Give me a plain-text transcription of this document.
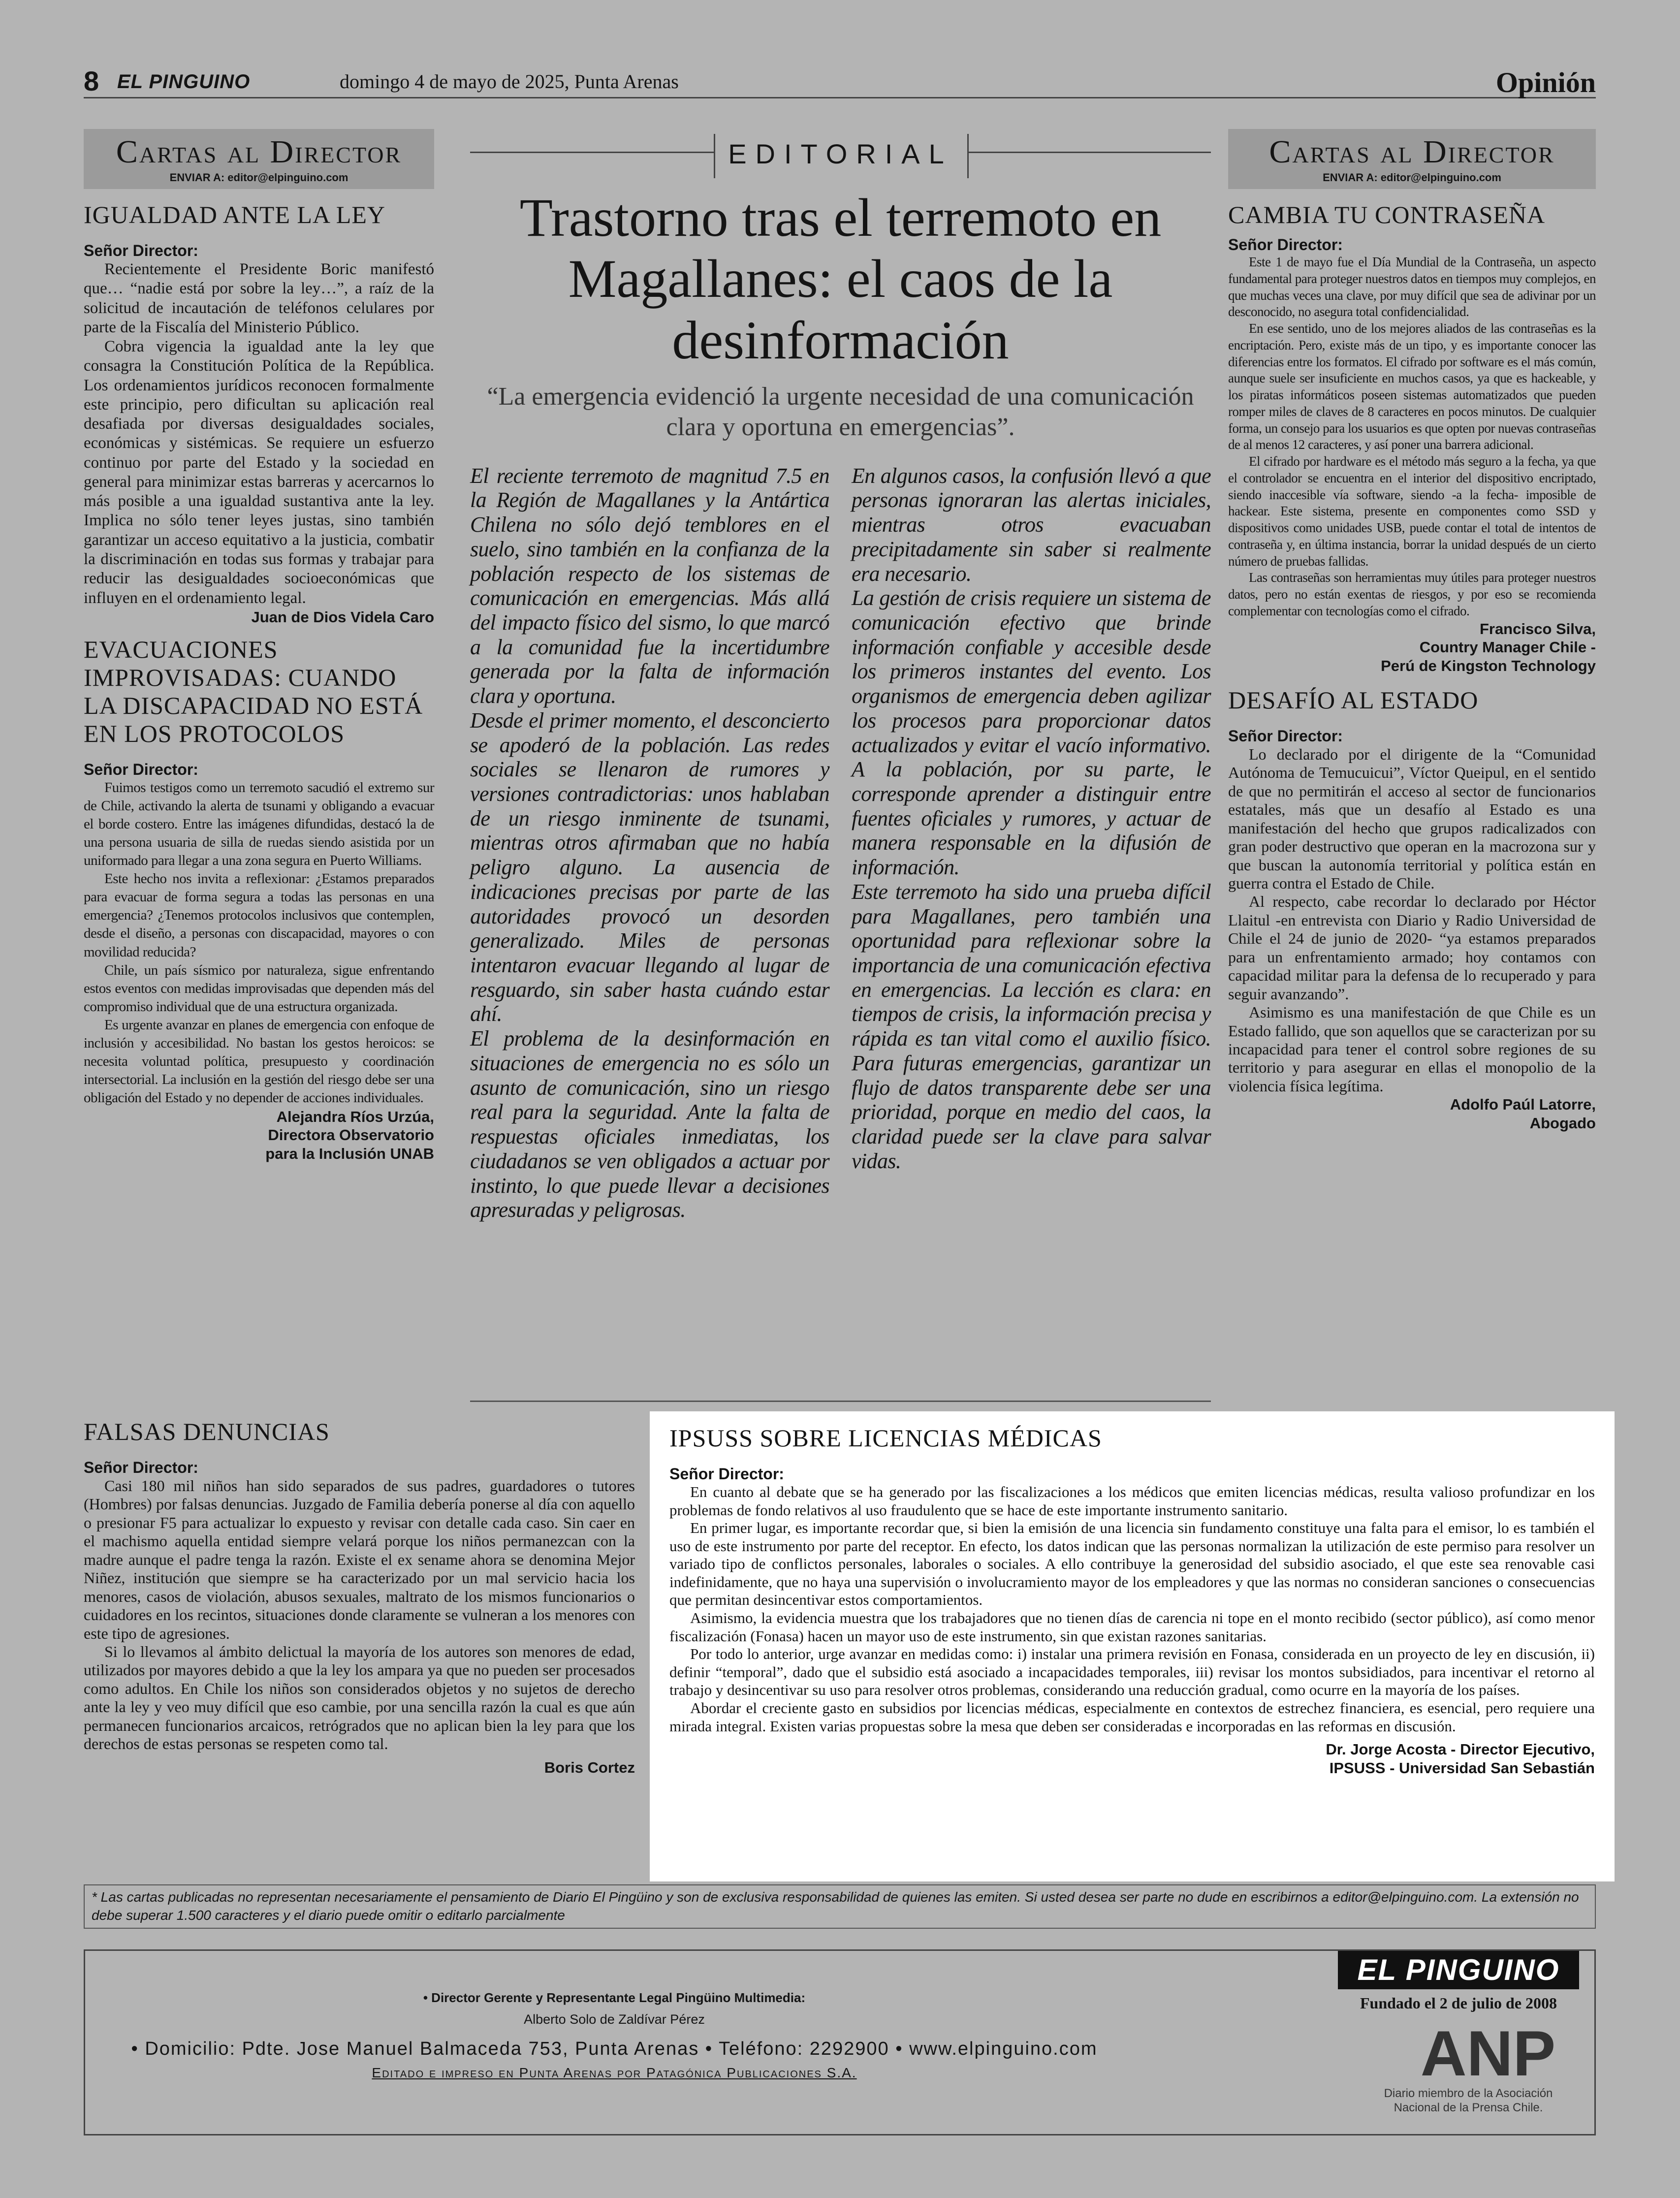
8 EL PINGUINO	domingo 4 de mayo de 2025, Punta Arenas	Opinión
Cartas al Director
ENVIAR A: editor@elpinguino.com
IGUALDAD ANTE LA LEY
Señor Director:

Recientemente el Presidente Boric manifestó que… “nadie está por sobre la ley…”, a raíz de la solicitud de incautación de teléfonos celulares por parte de la Fiscalía del Ministerio Público.

Cobra vigencia la igualdad ante la ley que consagra la Constitución Política de la República. Los ordenamientos jurídicos reconocen formalmente este principio, pero dificultan su aplicación real desafiada por diversas desigualdades sociales, económicas y sistémicas. Se requiere un esfuerzo continuo por parte del Estado y la sociedad en general para minimizar estas barreras y acercarnos lo más posible a una igualdad sustantiva ante la ley. Implica no sólo tener leyes justas, sino también garantizar un acceso equitativo a la justicia, combatir la discriminación en todas sus formas y trabajar para reducir las desigualdades socioeconómicas que influyen en el ordenamiento legal.

Juan de Dios Videla Caro
EVACUACIONES IMPROVISADAS: CUANDO LA DISCAPACIDAD NO ESTÁ EN LOS PROTOCOLOS
Señor Director:

Fuimos testigos como un terremoto sacudió el extremo sur de Chile, activando la alerta de tsunami y obligando a evacuar el borde costero. Entre las imágenes difundidas, destacó la de una persona usuaria de silla de ruedas siendo asistida por un uniformado para llegar a una zona segura en Puerto Williams.

Este hecho nos invita a reflexionar: ¿Estamos preparados para evacuar de forma segura a todas las personas en una emergencia? ¿Tenemos protocolos inclusivos que contemplen, desde el diseño, a personas con discapacidad, mayores o con movilidad reducida?

Chile, un país sísmico por naturaleza, sigue enfrentando estos eventos con medidas improvisadas que dependen más del compromiso individual que de una estructura organizada.

Es urgente avanzar en planes de emergencia con enfoque de inclusión y accesibilidad. No bastan los gestos heroicos: se necesita voluntad política, presupuesto y coordinación intersectorial. La inclusión en la gestión del riesgo debe ser una obligación del Estado y no depender de acciones individuales.

Alejandra Ríos Urzúa,
Directora Observatorio
para la Inclusión UNAB
EDITORIAL
Trastorno tras el terremoto en Magallanes: el caos de la desinformación
“La emergencia evidenció la urgente necesidad de una comunicación clara y oportuna en emergencias”.

El reciente terremoto de magnitud 7.5 en la Región de Magallanes y la Antártica Chilena no sólo dejó temblores en el suelo, sino también en la confianza de la población respecto de los sistemas de comunicación en emergencias. Más allá del impacto físico del sismo, lo que marcó a la comunidad fue la incertidumbre generada por la falta de información clara y oportuna.

Desde el primer momento, el desconcierto se apoderó de la población. Las redes sociales se llenaron de rumores y versiones contradictorias: unos hablaban de un riesgo inminente de tsunami, mientras otros afirmaban que no había peligro alguno. La ausencia de indicaciones precisas por parte de las autoridades provocó un desorden generalizado. Miles de personas intentaron evacuar llegando al lugar de resguardo, sin saber hasta cuándo estar ahí.

El problema de la desinformación en situaciones de emergencia no es sólo un asunto de comunicación, sino un riesgo real para la seguridad. Ante la falta de respuestas oficiales inmediatas, los ciudadanos se ven obligados a actuar por instinto, lo que puede llevar a decisiones apresuradas y peligrosas.

En algunos casos, la confusión llevó a que personas ignoraran las alertas iniciales, mientras otros evacuaban precipitadamente sin saber si realmente era necesario.

La gestión de crisis requiere un sistema de comunicación efectivo que brinde información confiable y accesible desde los primeros instantes del evento. Los organismos de emergencia deben agilizar los procesos para proporcionar datos actualizados y evitar el vacío informativo. A la población, por su parte, le corresponde aprender a distinguir entre fuentes oficiales y rumores, y actuar de manera responsable en la difusión de información.

Este terremoto ha sido una prueba difícil para Magallanes, pero también una oportunidad para reflexionar sobre la importancia de una comunicación efectiva en emergencias. La lección es clara: en tiempos de crisis, la información precisa y rápida es tan vital como el auxilio físico. Para futuras emergencias, garantizar un flujo de datos transparente debe ser una prioridad, porque en medio del caos, la claridad puede ser la clave para salvar vidas.

Cartas al Director
ENVIAR A: editor@elpinguino.com
CAMBIA TU CONTRASEÑA
Señor Director:

Este 1 de mayo fue el Día Mundial de la Contraseña, un aspecto fundamental para proteger nuestros datos en tiempos muy complejos, en que muchas veces una clave, por muy difícil que sea de adivinar por un desconocido, no asegura total confidencialidad.

En ese sentido, uno de los mejores aliados de las contraseñas es la encriptación. Pero, existe más de un tipo, y es importante conocer las diferencias entre los formatos. El cifrado por software es el más común, aunque suele ser insuficiente en muchos casos, ya que es hackeable, y los piratas informáticos poseen sistemas automatizados que pueden romper miles de claves de 8 caracteres en pocos minutos. De cualquier forma, un consejo para los usuarios es que opten por nuevas contraseñas de al menos 12 caracteres, y así poner una barrera adicional.

El cifrado por hardware es el método más seguro a la fecha, ya que el controlador se encuentra en el interior del dispositivo encriptado, siendo inaccesible vía software, siendo -a la fecha- imposible de hackear. Este sistema, presente en componentes como SSD y dispositivos como unidades USB, puede contar el total de intentos de contraseña y, en última instancia, borrar la unidad después de un cierto número de pruebas fallidas.

Las contraseñas son herramientas muy útiles para proteger nuestros datos, pero no están exentas de riesgos, y por eso se recomienda complementar con tecnologías como el cifrado.

Francisco Silva,
Country Manager Chile -
Perú de Kingston Technology
DESAFÍO AL ESTADO
Señor Director:

Lo declarado por el dirigente de la “Comunidad Autónoma de Temucuicui”, Víctor Queipul, en el sentido de que no permitirán el acceso al sector de funcionarios estatales, más que un desafío al Estado es una manifestación del hecho que grupos radicalizados con gran poder destructivo que operan en la macrozona sur y que buscan la autonomía territorial y política están en guerra contra el Estado de Chile.

Al respecto, cabe recordar lo declarado por Héctor Llaitul -en entrevista con Diario y Radio Universidad de Chile el 24 de junio de 2020- “ya estamos preparados para un enfrentamiento armado; hoy contamos con capacidad militar para la defensa de lo recuperado y para seguir avanzando”.

Asimismo es una manifestación de que Chile es un Estado fallido, que son aquellos que se caracterizan por su incapacidad para tener el control sobre regiones de su territorio y para asegurar en ellas el monopolio de la violencia física legítima.

Adolfo Paúl Latorre,
Abogado
FALSAS DENUNCIAS
Señor Director:

Casi 180 mil niños han sido separados de sus padres, guardadores o tutores (Hombres) por falsas denuncias. Juzgado de Familia debería ponerse al día con aquello o presionar F5 para actualizar lo expuesto y revisar con detalle cada caso. Sin caer en el machismo aquella entidad siempre velará porque los niños permanezcan con la madre aunque el padre tenga la razón. Existe el ex sename ahora se denomina Mejor Niñez, institución que siempre se ha caracterizado por un mal servicio hacia los menores, casos de violación, abusos sexuales, maltrato de los mismos funcionarios o cuidadores en los recintos, situaciones donde claramente se vulneran a los menores con este tipo de agresiones.

Si lo llevamos al ámbito delictual la mayoría de los autores son menores de edad, utilizados por mayores debido a que la ley los ampara ya que no pueden ser procesados como adultos. En Chile los niños son considerados objetos y no sujetos de derecho ante la ley y veo muy difícil que eso cambie, por una sencilla razón la cual es que aún permanecen funcionarios arcaicos, retrógrados que no aplican bien la ley para que los derechos de estas personas se respeten como tal.

Boris Cortez
IPSUSS SOBRE LICENCIAS MÉDICAS
Señor Director:

En cuanto al debate que se ha generado por las fiscalizaciones a los médicos que emiten licencias médicas, resulta valioso profundizar en los problemas de fondo relativos al uso fraudulento que se hace de este importante instrumento sanitario.

En primer lugar, es importante recordar que, si bien la emisión de una licencia sin fundamento constituye una falta para el emisor, lo es también el uso de este instrumento por parte del receptor. En efecto, los datos indican que las personas normalizan la utilización de este permiso para resolver un variado tipo de conflictos personales, laborales o sociales. A ello contribuye la generosidad del subsidio asociado, el que este sea renovable casi indefinidamente, que no haya una supervisión o involucramiento mayor de los empleadores y que las normas no consideran sanciones o consecuencias que permitan desincentivar estos comportamientos.

Asimismo, la evidencia muestra que los trabajadores que no tienen días de carencia ni tope en el monto recibido (sector público), así como menor fiscalización (Fonasa) hacen un mayor uso de este instrumento, sin que existan razones sanitarias.

Por todo lo anterior, urge avanzar en medidas como: i) instalar una primera revisión en Fonasa, considerada en un proyecto de ley en discusión, ii) definir “temporal”, dado que el subsidio está asociado a incapacidades temporales, iii) revisar los montos subsidiados, para incentivar el retorno al trabajo y desincentivar su uso para resolver otros problemas, considerando una reducción gradual, como ocurre en la mayoría de los países.

Abordar el creciente gasto en subsidios por licencias médicas, especialmente en contextos de estrechez financiera, es esencial, pero requiere una mirada integral. Existen varias propuestas sobre la mesa que deben ser consideradas e incorporadas en las reformas en discusión.

Dr. Jorge Acosta - Director Ejecutivo,
IPSUSS - Universidad San Sebastián
* Las cartas publicadas no representan necesariamente el pensamiento de Diario El Pingüino y son de exclusiva responsabilidad de quienes las emiten. Si usted desea ser parte no dude en escribirnos a editor@elpinguino.com. La extensión no debe superar 1.500 caracteres y el diario puede omitir o editarlo parcialmente
• Director Gerente y Representante Legal Pingüino Multimedia:
Alberto Solo de Zaldívar Pérez
• Domicilio: Pdte. Jose Manuel Balmaceda 753, Punta Arenas • Teléfono: 2292900 • www.elpinguino.com
Editado e impreso en Punta Arenas por Patagónica Publicaciones S.A.
EL PINGUINO
Fundado el 2 de julio de 2008
ANP
Diario miembro de la Asociación Nacional de la Prensa Chile.
